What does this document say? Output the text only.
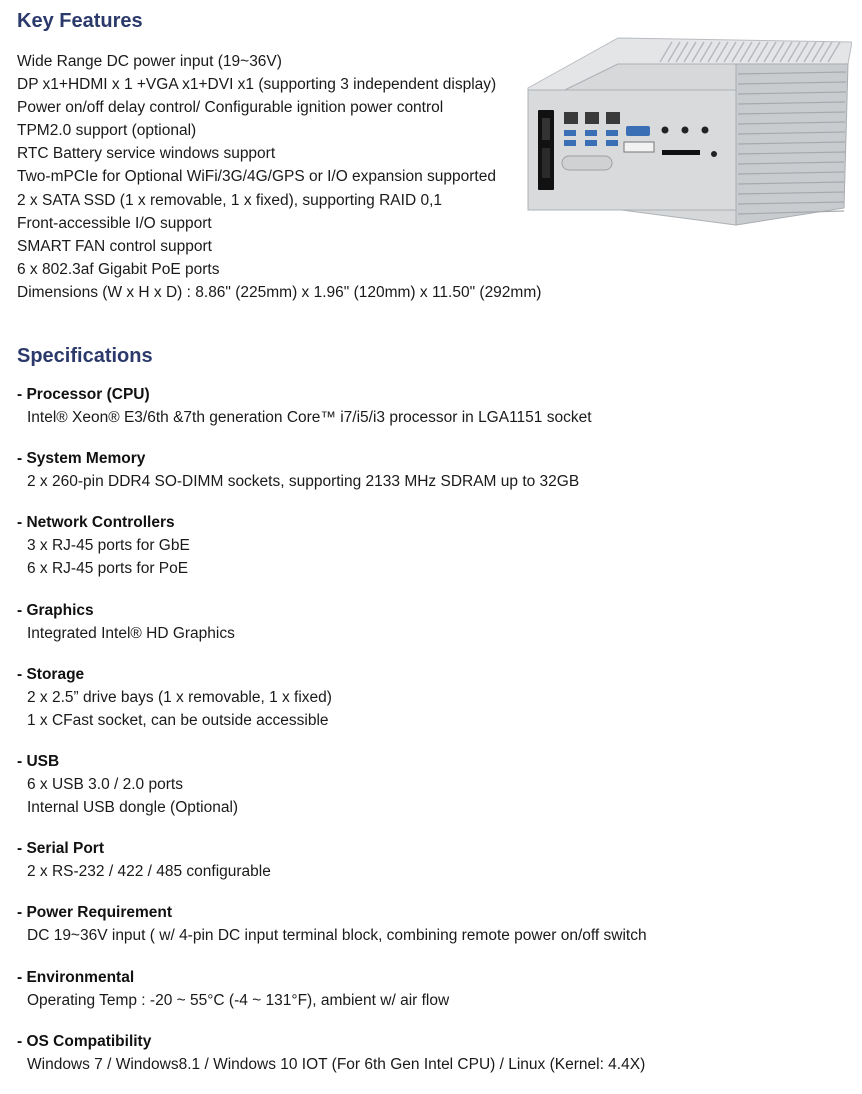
Key Features
Wide Range DC power input (19~36V)
DP x1+HDMI x 1 +VGA x1+DVI x1 (supporting 3 independent display)
Power on/off delay control/ Configurable ignition power control
TPM2.0 support (optional)
RTC Battery service windows support
Two-mPCIe for Optional WiFi/3G/4G/GPS or I/O expansion supported
2 x SATA SSD (1 x removable, 1 x fixed), supporting RAID 0,1
Front-accessible I/O support
SMART FAN control support
6 x 802.3af Gigabit PoE ports
Dimensions (W x H x D) : 8.86" (225mm) x 1.96" (120mm) x 11.50" (292mm)
Specifications
- Processor (CPU)
Intel® Xeon® E3/6th &7th generation Core™ i7/i5/i3 processor in LGA1151 socket
- System Memory
2 x 260-pin DDR4 SO-DIMM sockets, supporting 2133 MHz SDRAM up to 32GB
- Network Controllers
3 x RJ-45 ports for GbE
6 x RJ-45 ports for PoE
- Graphics
Integrated Intel® HD Graphics
- Storage
2 x 2.5” drive bays (1 x removable, 1 x fixed)
1 x CFast socket, can be outside accessible
- USB
6 x USB 3.0 / 2.0 ports
Internal USB dongle (Optional)
- Serial Port
2 x RS-232 / 422 / 485 configurable
- Power Requirement
DC 19~36V input ( w/ 4-pin DC input terminal block, combining remote power on/off switch
- Environmental
Operating Temp : -20 ~ 55°C (-4 ~ 131°F), ambient w/ air flow
- OS Compatibility
Windows 7 / Windows8.1 / Windows 10 IOT (For 6th Gen Intel CPU) / Linux (Kernel: 4.4X)
